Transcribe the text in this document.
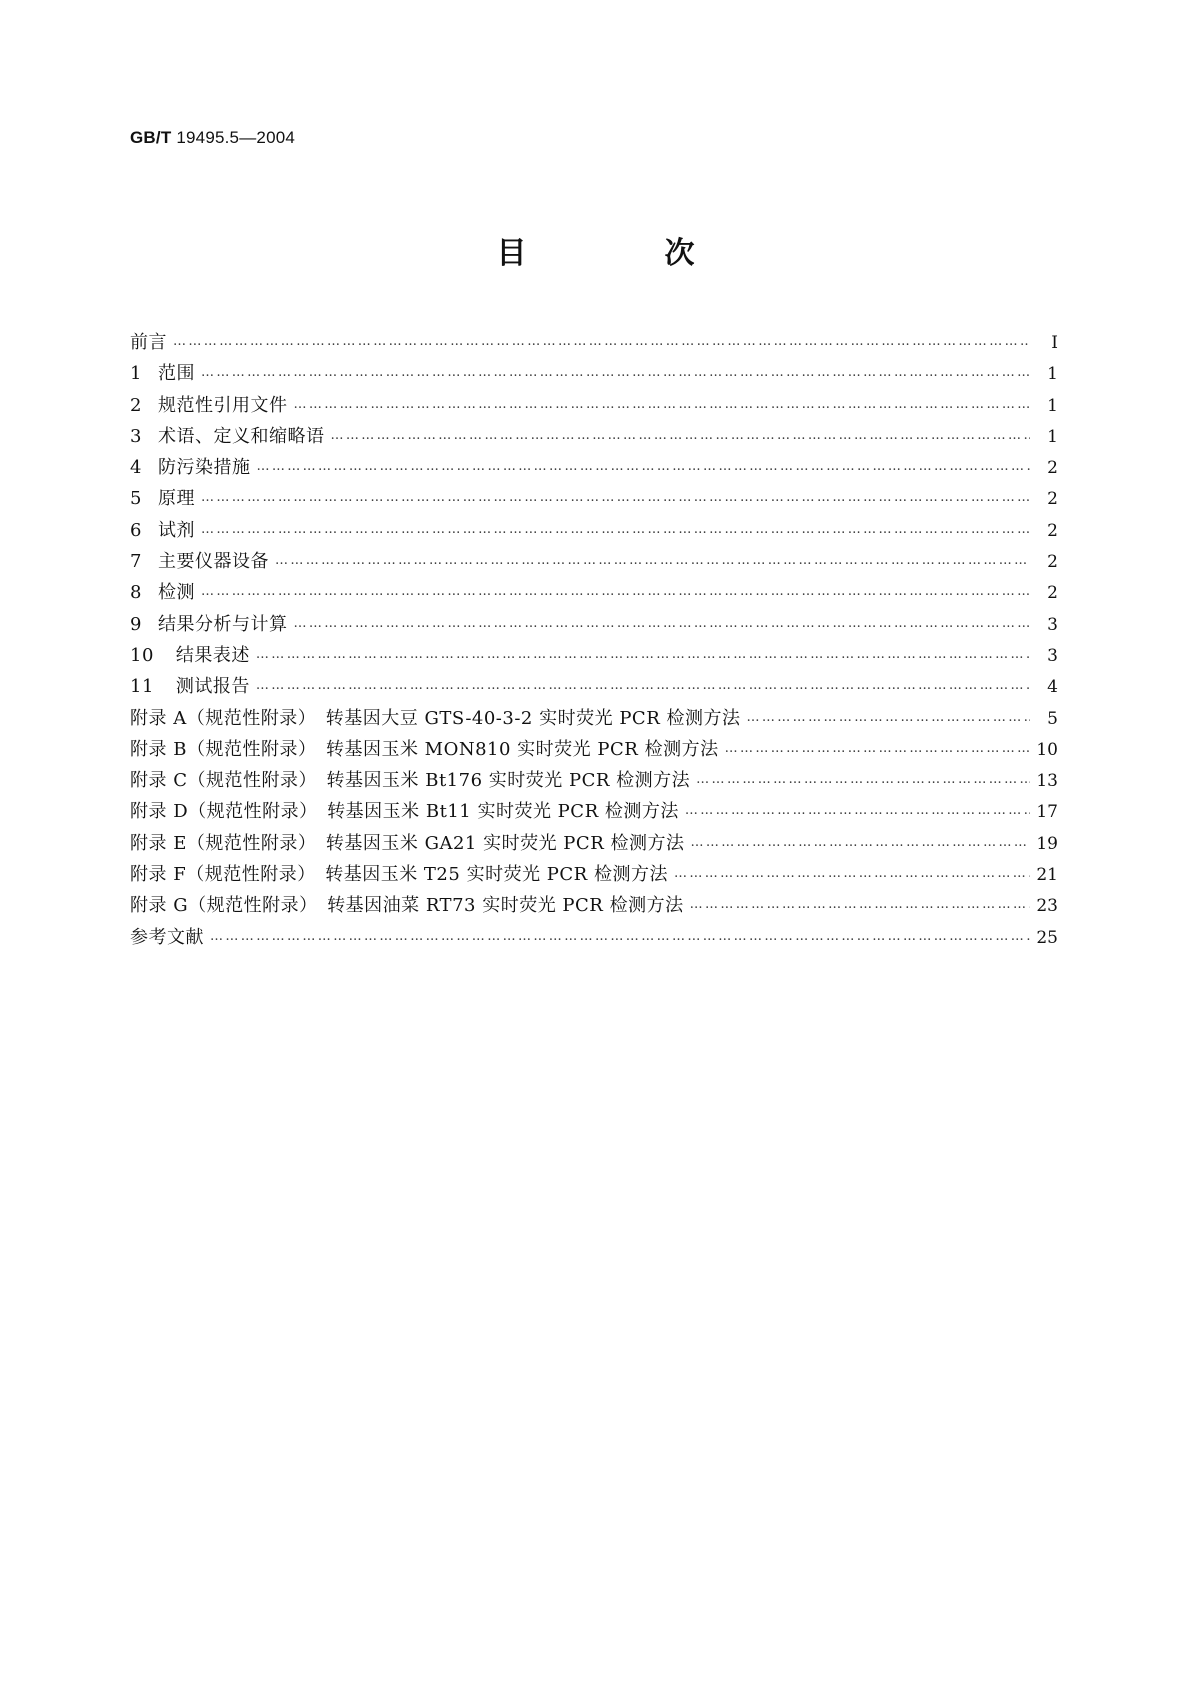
GB/T 19495.5—2004
目　次
前言 …………………………………………………………………………………………………………………………………………………………………………………………………………………………	I
1 范围 …………………………………………………………………………………………………………………………………………………………………………………………………………………………	1
2 规范性引用文件 …………………………………………………………………………………………………………………………………………………………………………………………………………………………	1
3 术语、定义和缩略语 …………………………………………………………………………………………………………………………………………………………………………………………………………………………	1
4 防污染措施 …………………………………………………………………………………………………………………………………………………………………………………………………………………………	2
5 原理 …………………………………………………………………………………………………………………………………………………………………………………………………………………………	2
6 试剂 …………………………………………………………………………………………………………………………………………………………………………………………………………………………	2
7 主要仪器设备 …………………………………………………………………………………………………………………………………………………………………………………………………………………………	2
8 检测 …………………………………………………………………………………………………………………………………………………………………………………………………………………………	2
9 结果分析与计算 …………………………………………………………………………………………………………………………………………………………………………………………………………………………	3
10 结果表述 …………………………………………………………………………………………………………………………………………………………………………………………………………………………	3
11 测试报告 …………………………………………………………………………………………………………………………………………………………………………………………………………………………	4
附录 A（规范性附录）　转基因大豆 GTS-40-3-2 实时荧光 PCR 检测方法 …………………………………………………………………………………………………………………………………………………………………………………………………………………………	5
附录 B（规范性附录）　转基因玉米 MON810 实时荧光 PCR 检测方法 …………………………………………………………………………………………………………………………………………………………………………………………………………………………	10
附录 C（规范性附录）　转基因玉米 Bt176 实时荧光 PCR 检测方法 …………………………………………………………………………………………………………………………………………………………………………………………………………………………	13
附录 D（规范性附录）　转基因玉米 Bt11 实时荧光 PCR 检测方法 …………………………………………………………………………………………………………………………………………………………………………………………………………………………	17
附录 E（规范性附录）　转基因玉米 GA21 实时荧光 PCR 检测方法 …………………………………………………………………………………………………………………………………………………………………………………………………………………………	19
附录 F（规范性附录）　转基因玉米 T25 实时荧光 PCR 检测方法 …………………………………………………………………………………………………………………………………………………………………………………………………………………………	21
附录 G（规范性附录）　转基因油菜 RT73 实时荧光 PCR 检测方法 …………………………………………………………………………………………………………………………………………………………………………………………………………………………	23
参考文献 …………………………………………………………………………………………………………………………………………………………………………………………………………………………	25
